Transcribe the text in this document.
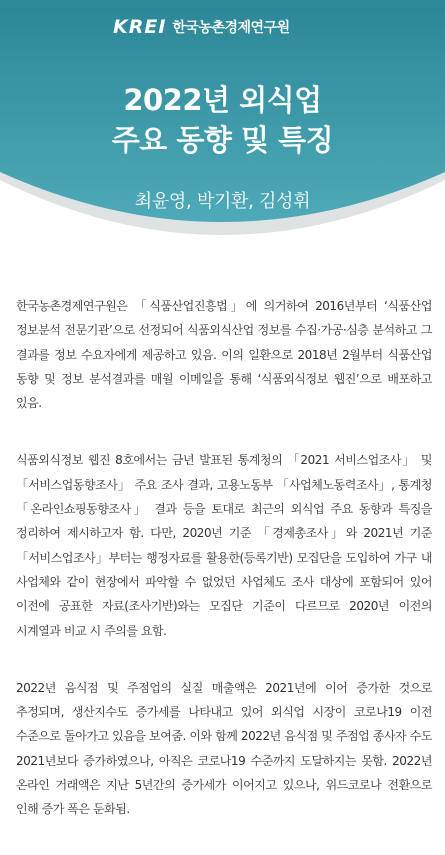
KREI 한국농촌경제연구원
2022년 외식업
주요 동향 및 특징
최윤영, 박기환, 김성휘

한국농촌경제연구원은 「식품산업진흥법」에 의거하여 2016년부터 ‘식품산업 정보분석 전문기관’으로 선정되어 식품외식산업 정보를 수집·가공·심층 분석하고 그 결과를 정보 수요자에게 제공하고 있음. 이의 일환으로 2018년 2월부터 식품산업 동향 및 정보 분석결과를 매월 이메일을 통해 ‘식품외식정보 웹진’으로 배포하고 있음.

식품외식정보 웹진 8호에서는 금년 발표된 통계청의 「2021 서비스업조사」 및 「서비스업동향조사」 주요 조사 결과, 고용노동부 「사업체노동력조사」, 통계청 「온라인쇼핑동향조사」 결과 등을 토대로 최근의 외식업 주요 동향과 특징을 정리하여 제시하고자 함. 다만, 2020년 기준 「경제총조사」와 2021년 기준 「서비스업조사」부터는 행정자료를 활용한(등록기반) 모집단을 도입하여 가구 내 사업체와 같이 현장에서 파악할 수 없었던 사업체도 조사 대상에 포함되어 있어 이전에 공표한 자료(조사기반)와는 모집단 기준이 다르므로 2020년 이전의 시계열과 비교 시 주의를 요함.

2022년 음식점 및 주점업의 실질 매출액은 2021년에 이어 증가한 것으로 추정되며, 생산지수도 증가세를 나타내고 있어 외식업 시장이 코로나19 이전 수준으로 돌아가고 있음을 보여줌. 이와 함께 2022년 음식점 및 주점업 종사자 수도 2021년보다 증가하였으나, 아직은 코로나19 수준까지 도달하지는 못함. 2022년 온라인 거래액은 지난 5년간의 증가세가 이어지고 있으나, 위드코로나 전환으로 인해 증가 폭은 둔화됨.
